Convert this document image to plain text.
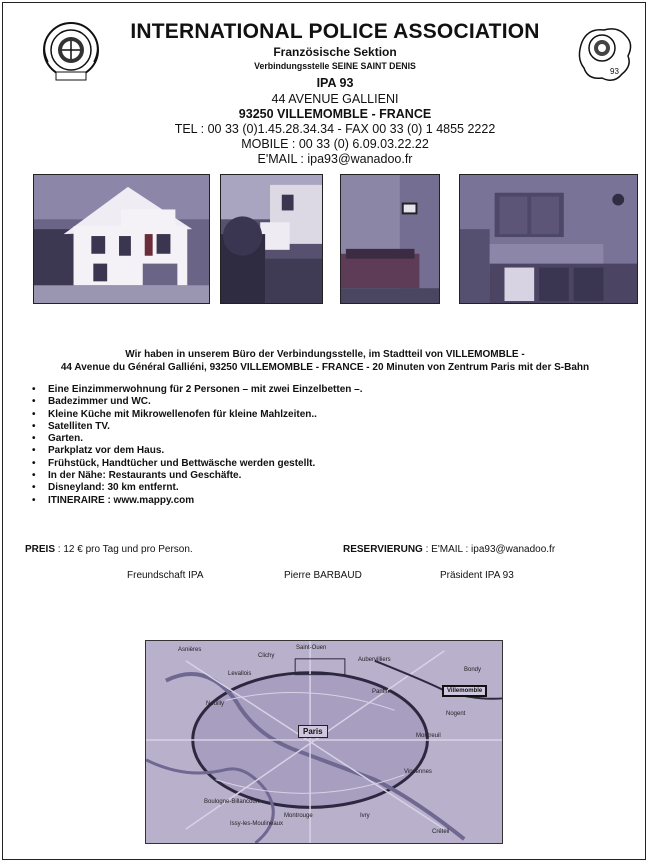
93
INTERNATIONAL POLICE ASSOCIATION
Französische Sektion
Verbindungsstelle SEINE SAINT DENIS
IPA 93
44 AVENUE GALLIENI
93250 VILLEMOMBLE - FRANCE
TEL : 00 33 (0)1.45.28.34.34 - FAX 00 33 (0) 1 4855 2222
MOBILE : 00 33 (0) 6.09.03.22.22
E'MAIL : ipa93@wanadoo.fr
Wir haben in unserem Büro der Verbindungsstelle, im Stadtteil von VILLEMOMBLE -
44 Avenue du Général Galliéni, 93250 VILLEMOMBLE - FRANCE - 20 Minuten von Zentrum Paris mit der S-Bahn
• Eine Einzimmerwohnung für 2 Personen – mit zwei Einzelbetten –.
• Badezimmer und WC.
• Kleine Küche mit Mikrowellenofen für kleine Mahlzeiten..
• Satelliten TV.
• Garten.
• Parkplatz vor dem Haus.
• Frühstück, Handtücher und Bettwäsche werden gestellt.
• In der Nähe: Restaurants und Geschäfte.
• Disneyland: 30 km entfernt.
• ITINERAIRE : www.mappy.com
PREIS : 12 € pro Tag und pro Person.	RESERVIERUNG : E'MAIL : ipa93@wanadoo.fr
Freundschaft IPA	Pierre BARBAUD	Präsident IPA 93
Asnières
Clichy
Saint-Ouen
Aubervilliers
Pantin
Bondy
Levallois
Neuilly
Montreuil
Vincennes
Boulogne-Billancourt
Issy-les-Moulineaux
Montrouge	Ivry
Créteil
Nogent
Paris
Villemomble
